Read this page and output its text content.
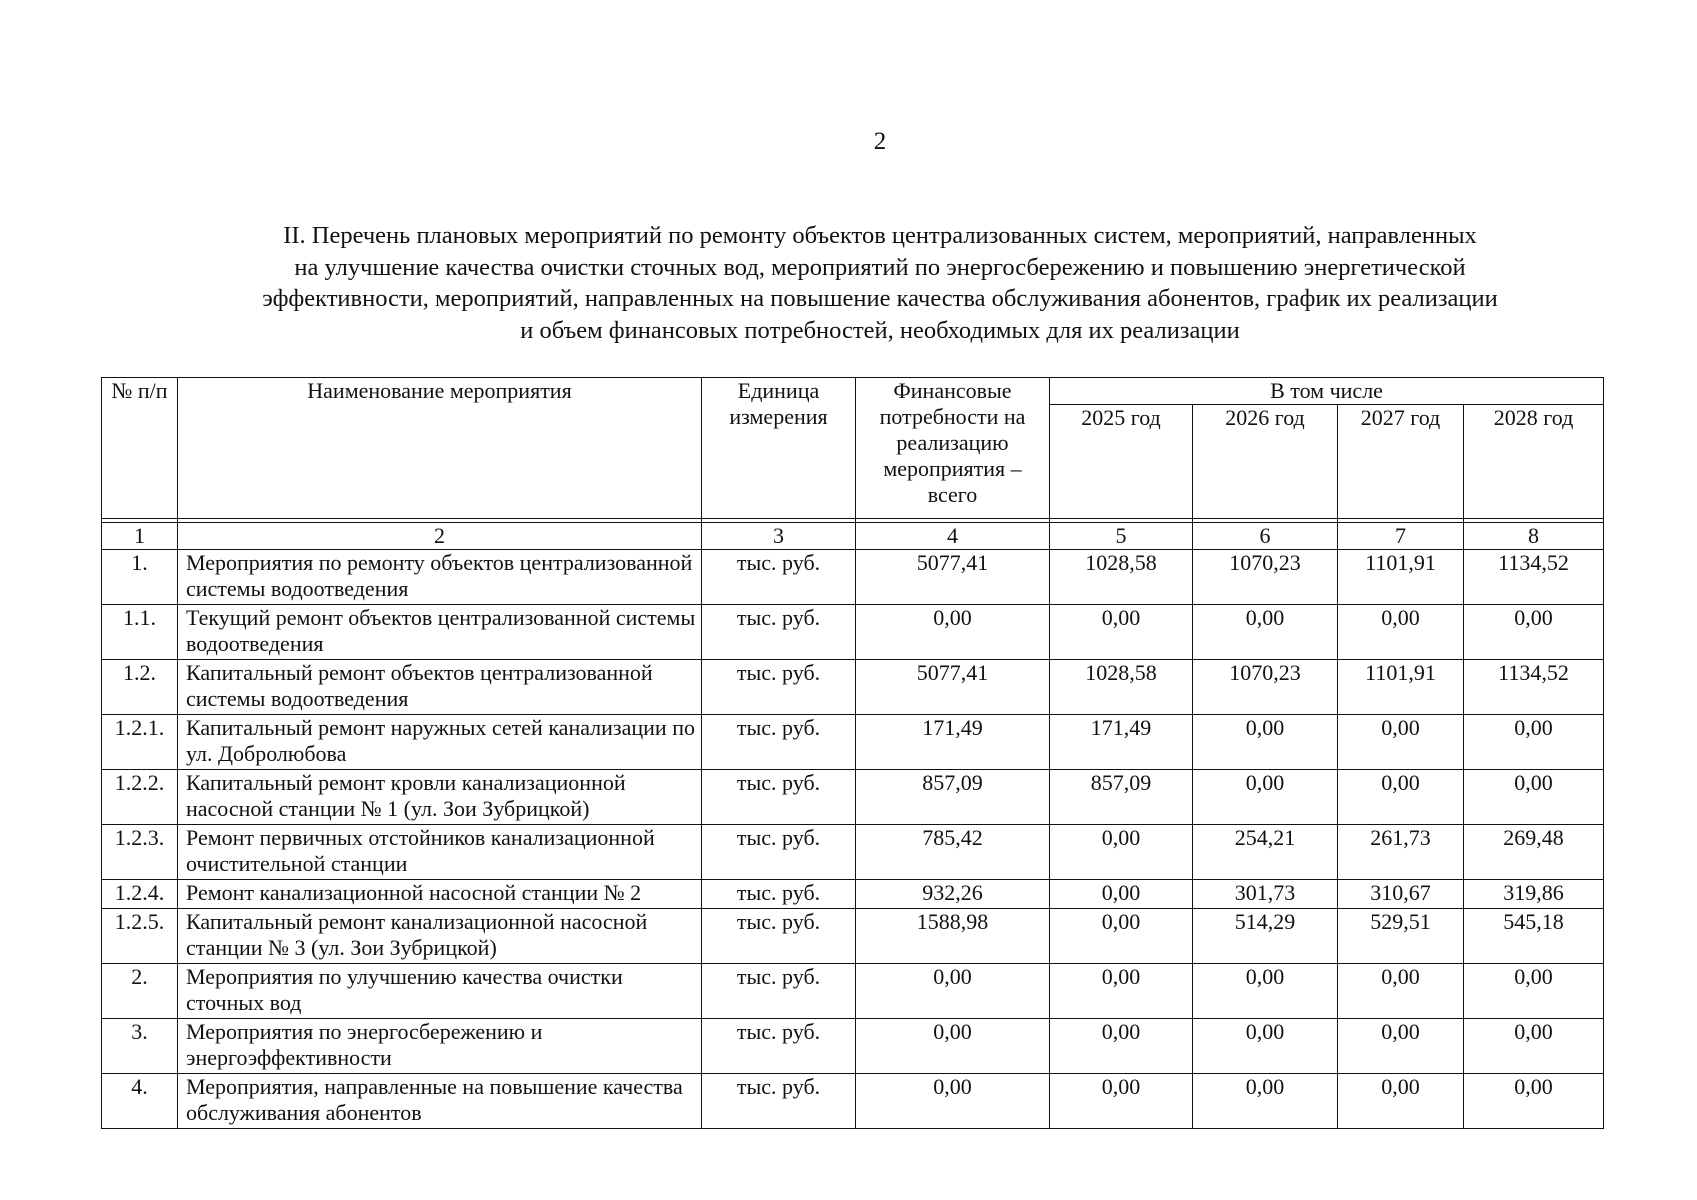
2
II. Перечень плановых мероприятий по ремонту объектов централизованных систем, мероприятий, направленных
на улучшение качества очистки сточных вод, мероприятий по энергосбережению и повышению энергетической
эффективности, мероприятий, направленных на повышение качества обслуживания абонентов, график их реализации
и объем финансовых потребностей, необходимых для их реализации
№ п/п	Наименование мероприятия	Единица измерения	Финансовые потребности на реализацию мероприятия – всего	В том числе			
				2025 год	2026 год	2027 год	2028 год

1	2	3	4	5	6	7	8
1.	Мероприятия по ремонту объектов централизованной системы водоотведения	тыс. руб.	5077,41	1028,58	1070,23	1101,91	1134,52
1.1.	Текущий ремонт объектов централизованной системы водоотведения	тыс. руб.	0,00	0,00	0,00	0,00	0,00
1.2.	Капитальный ремонт объектов централизованной системы водоотведения	тыс. руб.	5077,41	1028,58	1070,23	1101,91	1134,52
1.2.1.	Капитальный ремонт наружных сетей канализации по ул. Добролюбова	тыс. руб.	171,49	171,49	0,00	0,00	0,00
1.2.2.	Капитальный ремонт кровли канализационной насосной станции № 1 (ул. Зои Зубрицкой)	тыс. руб.	857,09	857,09	0,00	0,00	0,00
1.2.3.	Ремонт первичных отстойников канализационной очистительной станции	тыс. руб.	785,42	0,00	254,21	261,73	269,48
1.2.4.	Ремонт канализационной насосной станции № 2	тыс. руб.	932,26	0,00	301,73	310,67	319,86
1.2.5.	Капитальный ремонт канализационной насосной станции № 3 (ул. Зои Зубрицкой)	тыс. руб.	1588,98	0,00	514,29	529,51	545,18
2.	Мероприятия по улучшению качества очистки сточных вод	тыс. руб.	0,00	0,00	0,00	0,00	0,00
3.	Мероприятия по энергосбережению и энергоэффективности	тыс. руб.	0,00	0,00	0,00	0,00	0,00
4.	Мероприятия, направленные на повышение качества обслуживания абонентов	тыс. руб.	0,00	0,00	0,00	0,00	0,00
